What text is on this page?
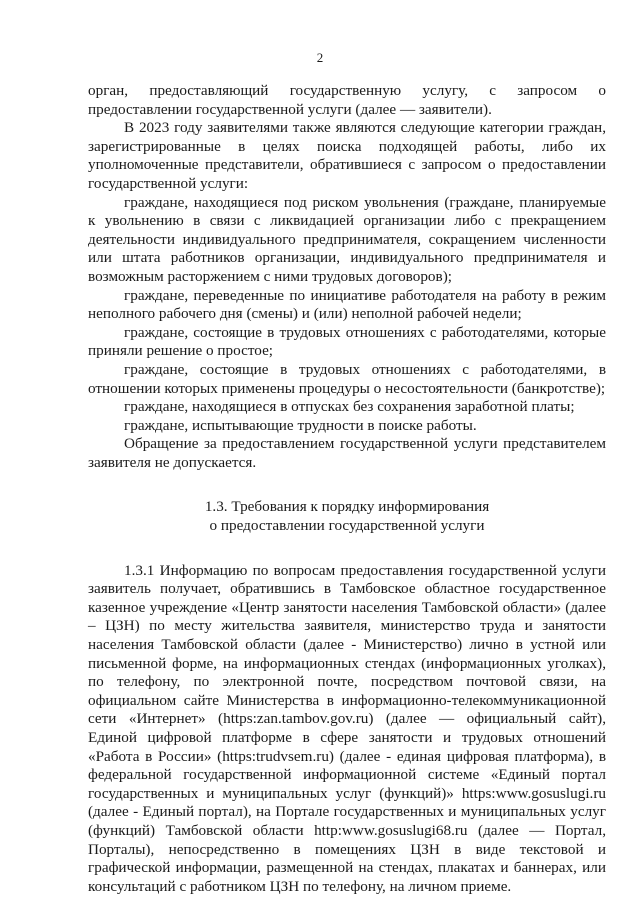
2

орган, предоставляющий государственную услугу, с запросом о предоставлении государственной услуги (далее — заявители).

В 2023 году заявителями также являются следующие категории граждан, зарегистрированные в целях поиска подходящей работы, либо их уполномоченные представители, обратившиеся с запросом о предоставлении государственной услуги:

граждане, находящиеся под риском увольнения (граждане, планируемые к увольнению в связи с ликвидацией организации либо с прекращением деятельности индивидуального предпринимателя, сокращением численности или штата работников организации, индивидуального предпринимателя и возможным расторжением с ними трудовых договоров);

граждане, переведенные по инициативе работодателя на работу в режим неполного рабочего дня (смены) и (или) неполной рабочей недели;

граждане, состоящие в трудовых отношениях с работодателями, которые приняли решение о простое;

граждане, состоящие в трудовых отношениях с работодателями, в отношении которых применены процедуры о несостоятельности (банкротстве);

граждане, находящиеся в отпусках без сохранения заработной платы;

граждане, испытывающие трудности в поиске работы.

Обращение за предоставлением государственной услуги представителем заявителя не допускается.

1.3. Требования к порядку информирования
о предоставлении государственной услуги

1.3.1 Информацию по вопросам предоставления государственной услуги заявитель получает, обратившись в Тамбовское областное государственное казенное учреждение «Центр занятости населения Тамбовской области» (далее – ЦЗН) по месту жительства заявителя, министерство труда и занятости населения Тамбовской области (далее - Министерство) лично в устной или письменной форме, на информационных стендах (информационных уголках), по телефону, по электронной почте, посредством почтовой связи, на официальном сайте Министерства в информационно-телекоммуникационной сети «Интернет» (https:zan.tambov.gov.ru) (далее — официальный сайт), Единой цифровой платформе в сфере занятости и трудовых отношений «Работа в России» (https:trudvsem.ru) (далее - единая цифровая платформа), в федеральной государственной информационной системе «Единый портал государственных и муниципальных услуг (функций)» https:www.gosuslugi.ru (далее - Единый портал), на Портале государственных и муниципальных услуг (функций) Тамбовской области http:www.gosuslugi68.ru (далее — Портал, Порталы), непосредственно в помещениях ЦЗН в виде текстовой и графической информации, размещенной на стендах, плакатах и баннерах, или консультаций с работником ЦЗН по телефону, на личном приеме.
